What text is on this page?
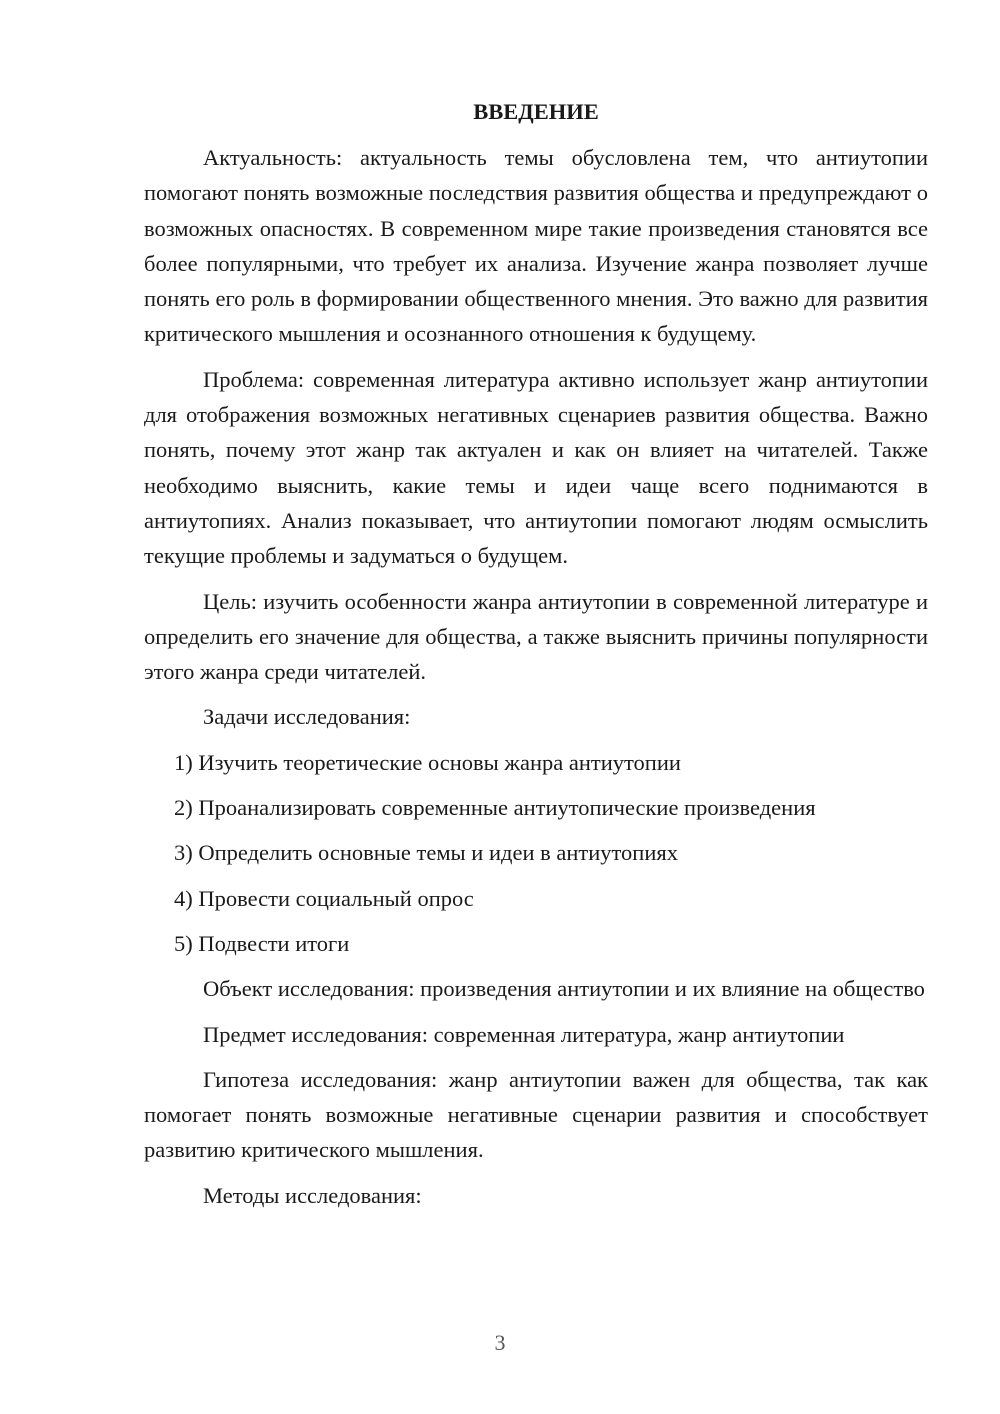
ВВЕДЕНИЕ

Актуальность: актуальность темы обусловлена тем, что антиутопии помогают понять возможные последствия развития общества и предупреждают о возможных опасностях. В современном мире такие произведения становятся все более популярными, что требует их анализа. Изучение жанра позволяет лучше понять его роль в формировании общественного мнения. Это важно для развития критического мышления и осознанного отношения к будущему.

Проблема: современная литература активно использует жанр антиутопии для отображения возможных негативных сценариев развития общества. Важно понять, почему этот жанр так актуален и как он влияет на читателей. Также необходимо выяснить, какие темы и идеи чаще всего поднимаются в антиутопиях. Анализ показывает, что антиутопии помогают людям осмыслить текущие проблемы и задуматься о будущем.

Цель: изучить особенности жанра антиутопии в современной литературе и определить его значение для общества, а также выяснить причины популярности этого жанра среди читателей.

Задачи исследования:

1) Изучить теоретические основы жанра антиутопии
2) Проанализировать современные антиутопические произведения
3) Определить основные темы и идеи в антиутопиях
4) Провести социальный опрос
5) Подвести итоги

Объект исследования: произведения антиутопии и их влияние на общество

Предмет исследования: современная литература, жанр антиутопии

Гипотеза исследования: жанр антиутопии важен для общества, так как помогает понять возможные негативные сценарии развития и способствует развитию критического мышления.

Методы исследования:

3
